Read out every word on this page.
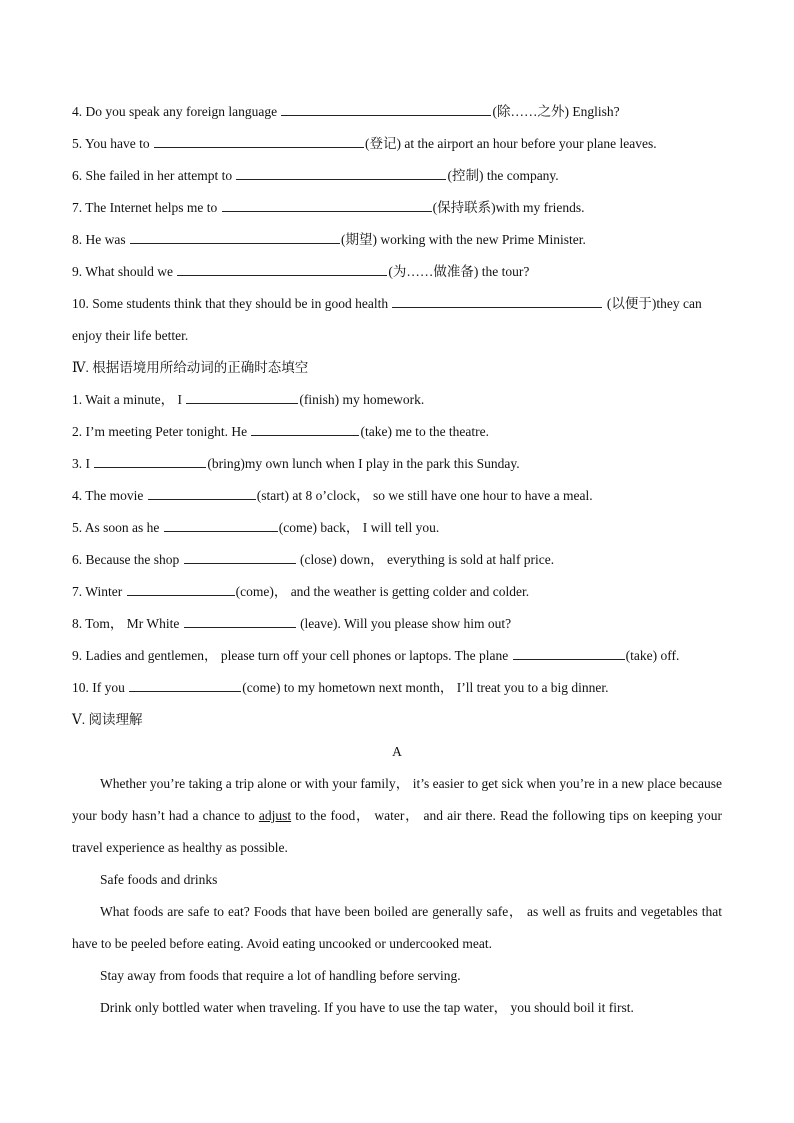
4. Do you speak any foreign language	(除……之外) English?
5. You have to	(登记) at the airport an hour before your plane leaves.
6. She failed in her attempt to	(控制) the company.
7. The Internet helps me to	(保持联系)with my friends.
8. He was	(期望) working with the new Prime Minister.
9. What should we	(为……做准备) the tour?
10. Some students think that they should be in good health	(以便于)they can
enjoy their life better.
Ⅳ. 根据语境用所给动词的正确时态填空
1. Wait a minute， I	(finish) my homework.
2. I’m meeting Peter tonight. He	(take) me to the theatre.
3. I	(bring)my own lunch when I play in the park this Sunday.
4. The movie	(start) at 8 o’clock， so we still have one hour to have a meal.
5. As soon as he	(come) back， I will tell you.
6. Because the shop	(close) down， everything is sold at half price.
7. Winter	(come)， and the weather is getting colder and colder.
8. Tom， Mr White	(leave). Will you please show him out?
9. Ladies and gentlemen， please turn off your cell phones or laptops. The plane	(take) off.
10. If you	(come) to my hometown next month， I’ll treat you to a big dinner.
Ⅴ. 阅读理解
A
Whether you’re taking a trip alone or with your family， it’s easier to get sick when you’re in a new place because your body hasn’t had a chance to adjust to the food， water， and air there. Read the following tips on keeping your travel experience as healthy as possible.
Safe foods and drinks
What foods are safe to eat? Foods that have been boiled are generally safe， as well as fruits and vegetables that have to be peeled before eating. Avoid eating uncooked or undercooked meat.
Stay away from foods that require a lot of handling before serving.
Drink only bottled water when traveling. If you have to use the tap water， you should boil it first.
